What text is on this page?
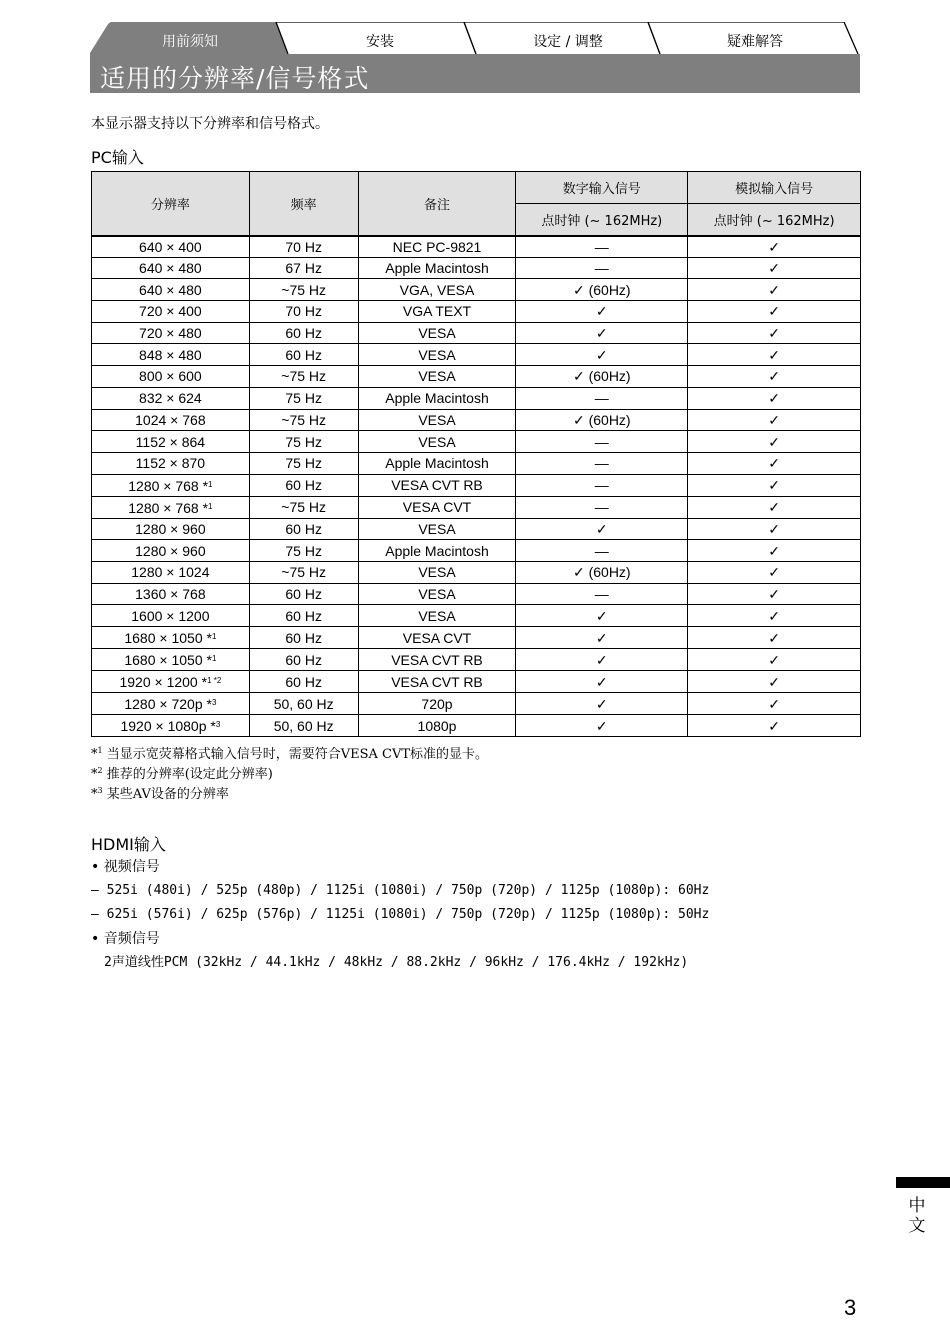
用前须知	安装	设定 / 调整	疑难解答
适用的分辨率/信号格式
本显示器支持以下分辨率和信号格式。
PC输入
分辨率	频率	备注	数字输入信号	模拟输入信号
			点时钟 (~ 162MHz)	点时钟 (~ 162MHz)
640 × 400	70 Hz	NEC PC-9821	—	✓
640 × 480	67 Hz	Apple Macintosh	—	✓
640 × 480	~75 Hz	VGA, VESA	✓ (60Hz)	✓
720 × 400	70 Hz	VGA TEXT	✓	✓
720 × 480	60 Hz	VESA	✓	✓
848 × 480	60 Hz	VESA	✓	✓
800 × 600	~75 Hz	VESA	✓ (60Hz)	✓
832 × 624	75 Hz	Apple Macintosh	—	✓
1024 × 768	~75 Hz	VESA	✓ (60Hz)	✓
1152 × 864	75 Hz	VESA	—	✓
1152 × 870	75 Hz	Apple Macintosh	—	✓
1280 × 768 *$^1$	60 Hz	VESA CVT RB	—	✓
1280 × 768 *$^1$	~75 Hz	VESA CVT	—	✓
1280 × 960	60 Hz	VESA	✓	✓
1280 × 960	75 Hz	Apple Macintosh	—	✓
1280 × 1024	~75 Hz	VESA	✓ (60Hz)	✓
1360 × 768	60 Hz	VESA	—	✓
1600 × 1200	60 Hz	VESA	✓	✓
1680 × 1050 *$^1$	60 Hz	VESA CVT	✓	✓
1680 × 1050 *$^1$	60 Hz	VESA CVT RB	✓	✓
1920 × 1200 *$^{1 *2}$	60 Hz	VESA CVT RB	✓	✓
1280 × 720p *$^3$	50, 60 Hz	720p	✓	✓
1920 × 1080p *$^3$	50, 60 Hz	1080p	✓	✓
*$^1$ 当显示宽荧幕格式输入信号时，需要符合VESA CVT标准的显卡。
*$^2$ 推荐的分辨率(设定此分辨率)
*$^3$ 某些AV设备的分辨率
HDMI输入
• 视频信号
– 525i (480i) / 525p (480p) / 1125i (1080i) / 750p (720p) / 1125p (1080p): 60Hz
– 625i (576i) / 625p (576p) / 1125i (1080i) / 750p (720p) / 1125p (1080p): 50Hz
• 音频信号
2声道线性PCM (32kHz / 44.1kHz / 48kHz / 88.2kHz / 96kHz / 176.4kHz / 192kHz)
中文
3
